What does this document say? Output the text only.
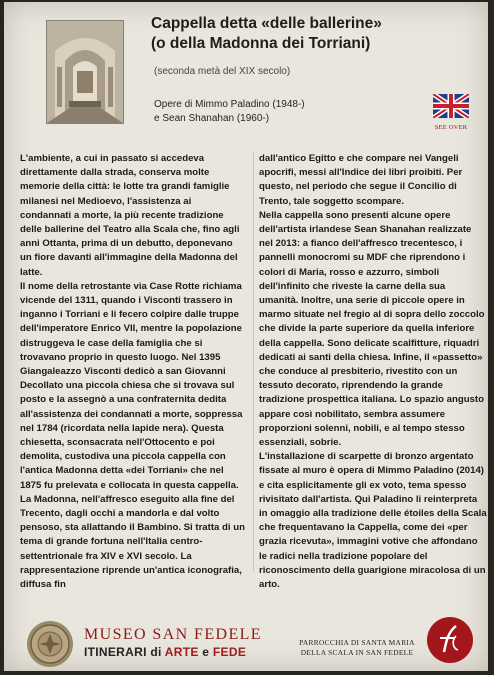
Cappella detta «delle ballerine»
(o della Madonna dei Torriani)
(seconda metà del XIX secolo)
Opere di Mimmo Paladino (1948-)
e Sean Shanahan (1960-)
SEE OVER

L'ambiente, a cui in passato si accedeva direttamente dalla strada, conserva molte memorie della città: le lotte tra grandi famiglie milanesi nel Medioevo, l'assistenza ai condannati a morte, la più recente tradizione delle ballerine del Teatro alla Scala che, fino agli anni Ottanta, prima di un debutto, deponevano un fiore davanti all'immagine della Madonna del latte.

Il nome della retrostante via Case Rotte richiama vicende del 1311, quando i Visconti trassero in inganno i Torriani e li fecero colpire dalle truppe dell'imperatore Enrico VII, mentre la popolazione distruggeva le case della famiglia che si trovavano proprio in questo luogo. Nel 1395 Giangaleazzo Visconti dedicò a san Giovanni Decollato una piccola chiesa che si trovava sul posto e la assegnò a una confraternita dedita all'assistenza dei condannati a morte, soppressa nel 1784 (ricordata nella lapide nera). Questa chiesetta, sconsacrata nell'Ottocento e poi demolita, custodiva una piccola cappella con l'antica Madonna detta «dei Torriani» che nel 1875 fu prelevata e collocata in questa cappella.

La Madonna, nell'affresco eseguito alla fine del Trecento, dagli occhi a mandorla e dal volto pensoso, sta allattando il Bambino. Si tratta di un tema di grande fortuna nell'Italia centro-settentrionale fra XIV e XVI secolo. La rappresentazione riprende un'antica iconografia, diffusa fin

dall'antico Egitto e che compare nei Vangeli apocrifi, messi all'Indice dei libri proibiti. Per questo, nel periodo che segue il Concilio di Trento, tale soggetto scompare.

Nella cappella sono presenti alcune opere dell'artista irlandese Sean Shanahan realizzate nel 2013: a fianco dell'affresco trecentesco, i pannelli monocromi su MDF che riprendono i colori di Maria, rosso e azzurro, simboli dell'infinito che riveste la carne della sua umanità. Inoltre, una serie di piccole opere in marmo situate nel fregio al di sopra dello zoccolo che divide la parte superiore da quella inferiore della cappella. Sono delicate scalfitture, riquadri dedicati ai santi della chiesa. Infine, il «passetto» che conduce al presbiterio, rivestito con un tessuto decorato, riprendendo la grande tradizione prospettica italiana. Lo spazio angusto appare così nobilitato, sembra assumere proporzioni solenni, nobili, e al tempo stesso essenziali, sobrie.

L'installazione di scarpette di bronzo argentato fissate al muro è opera di Mimmo Paladino (2014) e cita esplicitamente gli ex voto, tema spesso rivisitato dall'artista. Qui Paladino li reinterpreta in omaggio alla tradizione delle étoiles della Scala che frequentavano la Cappella, come dei «per grazia ricevuta», immagini votive che affondano le radici nella tradizione popolare del riconoscimento della guarigione miracolosa di un arto.

MUSEO SAN FEDELE
ITINERARI di ARTE e FEDE
PARROCCHIA DI SANTA MARIA
DELLA SCALA IN SAN FEDELE
